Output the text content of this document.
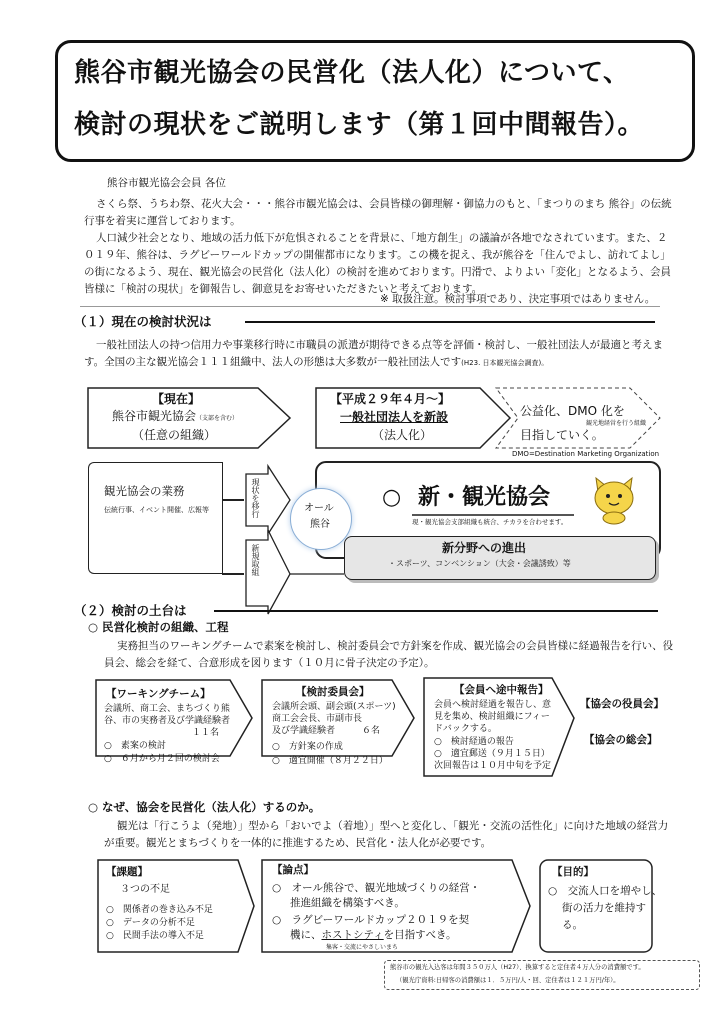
熊谷市観光協会の民営化（法人化）について、
検討の現状をご説明します（第１回中間報告）。
熊谷市観光協会会員 各位
さくら祭、うちわ祭、花火大会・・・熊谷市観光協会は、会員皆様の御理解・御協力のもと、「まつりのまち 熊谷」の伝統
行事を着実に運営しております。
人口減少社会となり、地域の活力低下が危惧されることを背景に、「地方創生」の議論が各地でなされています。また、２
０１９年、熊谷は、ラグビーワールドカップの開催都市になります。この機を捉え、我が熊谷を「住んでよし、訪れてよし」
の街になるよう、現在、観光協会の民営化（法人化）の検討を進めております。円滑で、よりよい「変化」となるよう、会員
皆様に「検討の現状」を御報告し、御意見をお寄せいただきたいと考えております。
※ 取扱注意。検討事項であり、決定事項ではありません。
（１）現在の検討状況は
一般社団法人の持つ信用力や事業移行時に市職員の派遣が期待できる点等を評価・検討し、一般社団法人が最適と考えま
す。全国の主な観光協会１１１組織中、法人の形態は大多数が一般社団法人です(H23. 日本観光協会調査)。
【現在】
熊谷市観光協会（支部を含む）
（任意の組織）
【平成２９年４月～】
一般社団法人を新設
（法人化）
公益化、DMO 化を
観光地経営を行う組織
目指していく。
DMO=Destination Marketing Organization
観光協会の業務
伝統行事、イベント開催、広報等	現状を移行
新規取組
オール
熊谷
○ 新・観光協会
現・観光協会支部組織も統合、チカラを合わせます。
新分野への進出
・スポーツ、コンベンション（大会・会議誘致）等
（２）検討の土台は
○ 民営化検討の組織、工程
実務担当のワーキングチームで素案を検討し、検討委員会で方針案を作成、観光協会の会員皆様に経過報告を行い、役
員会、総会を経て、合意形成を図ります（１０月に骨子決定の予定）。
【ワーキングチーム】
会議所、商工会、まちづくり熊
谷、市の実務者及び学識経験者
１１名
○　素案の検討
○　６月から月２回の検討会
【検討委員会】
会議所会頭、副会頭(スポーツ)
商工会会長、市副市長
及び学識経験者　　　６名
○　方針案の作成
○　適宜開催（８月２２日）
【会員へ途中報告】
会員へ検討経過を報告し、意
見を集め、検討組織にフィー
ドバックする。
○　検討経過の報告
○　適宜郵送（９月１５日）
次回報告は１０月中旬を予定
【協会の役員会】
【協会の総会】
○ なぜ、協会を民営化（法人化）するのか。
観光は「行こうよ（発地）」型から「おいでよ（着地）」型へと変化し、「観光・交流の活性化」に向けた地域の経営力
が重要。観光とまちづくりを一体的に推進するため、民営化・法人化が必要です。
【課題】
３つの不足
○　関係者の巻き込み不足
○　データの分析不足
○　民間手法の導入不足
【論点】
○　オール熊谷で、観光地域づくりの経営・
推進組織を構築すべき。
○　ラグビーワールドカップ２０１９を契
機に、ホストシティを目指すべき。
集客・交流にやさしいまち
【目的】
○　交流人口を増やし、
街の活力を維持す
る。
熊谷市の観光入込客は年間３５０万人（H27）、換算すると定住者４万人分の消費額です。
（観光庁資料:日帰客の消費額は１．５万円/人・回、定住者は１２１万円/年）。
